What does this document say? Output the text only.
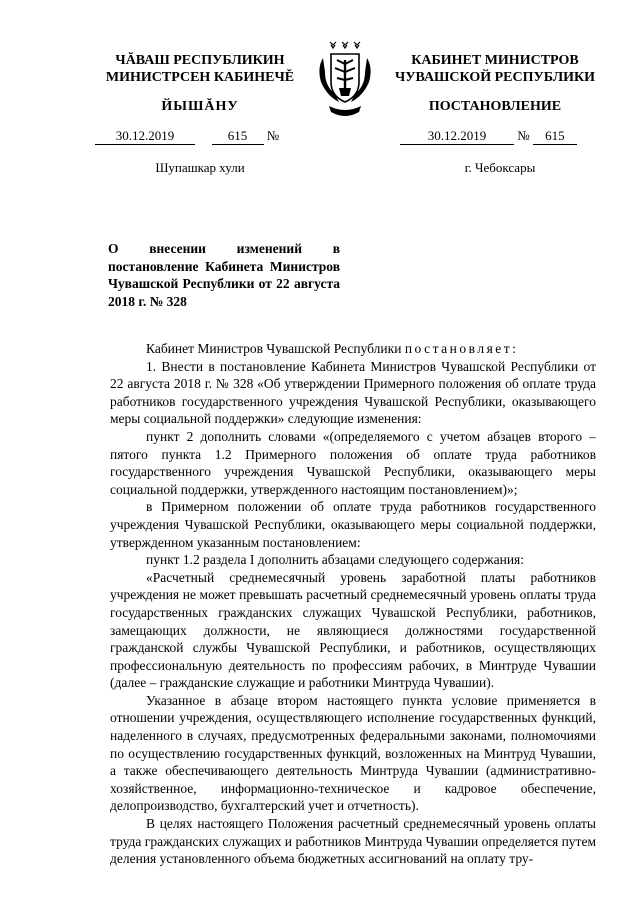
ЧĂВАШ РЕСПУБЛИКИН
МИНИСТРСЕН КАБИНЕЧĚ
КАБИНЕТ МИНИСТРОВ
ЧУВАШСКОЙ РЕСПУБЛИКИ
ЙЫШĂНУ	ПОСТАНОВЛЕНИЕ
30.12.2019	615 №	30.12.2019 № 615
Шупашкар хули	г. Чебоксары
О внесении изменений в постановление Кабинета Министров Чувашской Республики от 22 августа 2018 г. № 328

Кабинет Министров Чувашской Республики постановляет:

1. Внести в постановление Кабинета Министров Чувашской Республики от 22 августа 2018 г. № 328 «Об утверждении Примерного положения об оплате труда работников государственного учреждения Чувашской Республики, оказывающего меры социальной поддержки» следующие изменения:

пункт 2 дополнить словами «(определяемого с учетом абзацев второго – пятого пункта 1.2 Примерного положения об оплате труда работников государственного учреждения Чувашской Республики, оказывающего меры социальной поддержки, утвержденного настоящим постановлением)»;

в Примерном положении об оплате труда работников государственного учреждения Чувашской Республики, оказывающего меры социальной поддержки, утвержденном указанным постановлением:

пункт 1.2 раздела I дополнить абзацами следующего содержания:

«Расчетный среднемесячный уровень заработной платы работников учреждения не может превышать расчетный среднемесячный уровень оплаты труда государственных гражданских служащих Чувашской Республики, работников, замещающих должности, не являющиеся должностями государственной гражданской службы Чувашской Республики, и работников, осуществляющих профессиональную деятельность по профессиям рабочих, в Минтруде Чувашии (далее – гражданские служащие и работники Минтруда Чувашии).

Указанное в абзаце втором настоящего пункта условие применяется в отношении учреждения, осуществляющего исполнение государственных функций, наделенного в случаях, предусмотренных федеральными законами, полномочиями по осуществлению государственных функций, возложенных на Минтруд Чувашии, а также обеспечивающего деятельность Минтруда Чувашии (административно-хозяйственное, информационно-техническое и кадровое обеспечение, делопроизводство, бухгалтерский учет и отчетность).

В целях настоящего Положения расчетный среднемесячный уровень оплаты труда гражданских служащих и работников Минтруда Чувашии определяется путем деления установленного объема бюджетных ассигнований на оплату тру-
